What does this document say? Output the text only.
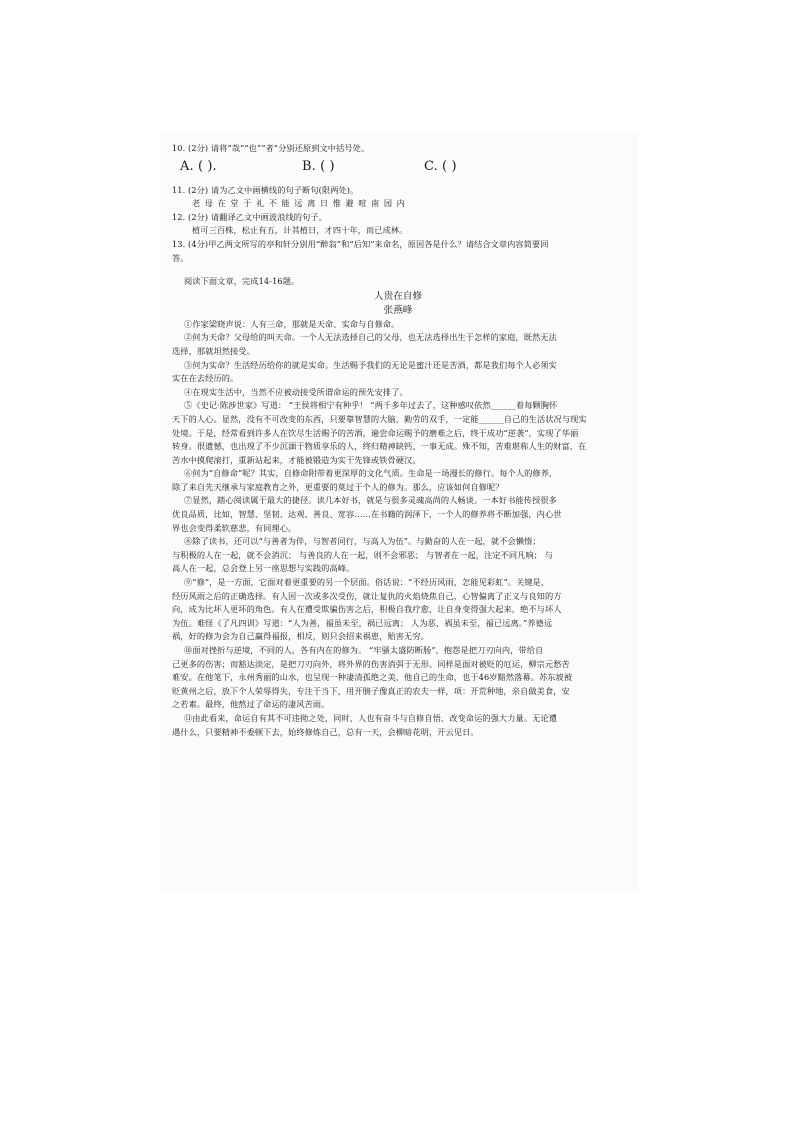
10. (2分) 请将“哉”“也”“者”分别还原到文中括号处。
A. ( ).	B. ( )	C. ( )
11. (2分) 请为乙文中画横线的句子断句(限两处)。
老母在堂于礼不能远离日惟避喧南园内
12. (2分) 请翻译乙文中画波浪线的句子。
植可三百株，松止有五，计其植日，才四十年，而已成林。
13. (4分)甲乙两文所写的亭和轩分别用“醉翁”和“后知”来命名，原因各是什么？请结合文章内容简要回
答。
阅读下面文章，完成14-16题。
人贵在自修
张燕峰
①作家梁晓声说：人有三命，那就是天命、实命与自修命。
②何为天命？父母给的叫天命。一个人无法选择自己的父母，也无法选择出生于怎样的家庭，既然无法
选择，那就坦然接受。
③何为实命？生活经历给你的就是实命。生活赐予我们的无论是蜜汁还是苦酒，都是我们每个人必须实
实在在去经历的。
④在现实生活中，当然不应被动接受所谓命运的预先安排了。
⑤《史记·陈涉世家》写道： “王侯将相宁有种乎！ ”两千多年过去了，这种感叹依然______着每颗胸怀
天下的人心。显然，没有不可改变的东西，只要靠智慧的大脑、勤劳的双手，一定能______自己的生活状况与现实
处境。于是，经常看到许多人在饮尽生活赐予的苦酒，遍尝命运赐予的磨难之后，终于成功“逆袭”，实现了华丽
转身。很遗憾，也出现了不少沉湎于物质享乐的人，终归精神缺钙、一事无成。殊不知，苦难堪称人生的财富，在
苦水中摸爬滚打，重新站起来，才能被锻造为实干先锋或铁骨硬汉。
⑥何为“自修命”呢？其实，自修命附带着更深厚的文化气质。生命是一场漫长的修行。每个人的修养，
除了来自先天继承与家庭教育之外，更重要的莫过于个人的修为。那么，应该如何自修呢？
⑦显然，踏心阅读属于最大的捷径。读几本好书，就是与很多灵魂高尚的人畅谈。一本好书能传授很多
优良品质，比如，智慧、坚韧、达观、善良、宽容……在书籍的润泽下，一个人的修养将不断加强，内心世
界也会变得柔软慈悲，有同理心。
⑧除了读书，还可以“与善者为伴，与智者同行，与高人为伍”。与勤奋的人在一起，就不会懒惰；
与积极的人在一起，就不会消沉； 与善良的人在一起，则不会邪恶； 与智者在一起，注定不同凡响； 与
高人在一起，总会登上另一座思想与实践的高峰。
⑨“修”，是一方面，它面对着更重要的另一个层面。俗话说：“不经历风雨，怎能见彩虹”。关键是，
经历风雨之后的正确选择。有人因一次或多次受伤，就让复仇的火焰烧焦自己，心智偏离了正义与良知的方
向，成为比坏人更坏的角色。有人在遭受欺骗伤害之后，积极自我疗愈，让自身变得强大起来，绝不与坏人
为伍。难怪《了凡四训》写道：“人为善，福虽未至，祸已远离； 人为恶，祸虽未至，福已远离。”养德远
祸，好的修为会为自己赢得福报，相反，则只会招来祸患，贻害无穷。
⑩面对挫折与逆境，不同的人，各有内在的修为。 “牢骚太盛防断肠”，抱怨是把刀刃向内，带给自
己更多的伤害；而豁达淡定，是把刀刃向外，将外界的伤害消弭于无形。同样是面对被贬的厄运，柳宗元愁苦
难安。在他笔下，永州秀丽的山水，也呈现一种凄清孤绝之美，他自己的生命，也于46岁黯然落幕。苏东坡被
贬黄州之后，放下个人荣辱得失，专注于当下，用开膀子像真正的农夫一样，项：开荒种地，亲自做美食，安
之若素。最终，他熬过了命运的凄风苦雨。
⑪由此看来，命运自有其不可违拗之处，同时，人也有奋斗与自修自悟、改变命运的强大力量。无论遭
遇什么，只要精神不委顿下去，始终修炼自己，总有一天，会柳暗花明，开云见日。
